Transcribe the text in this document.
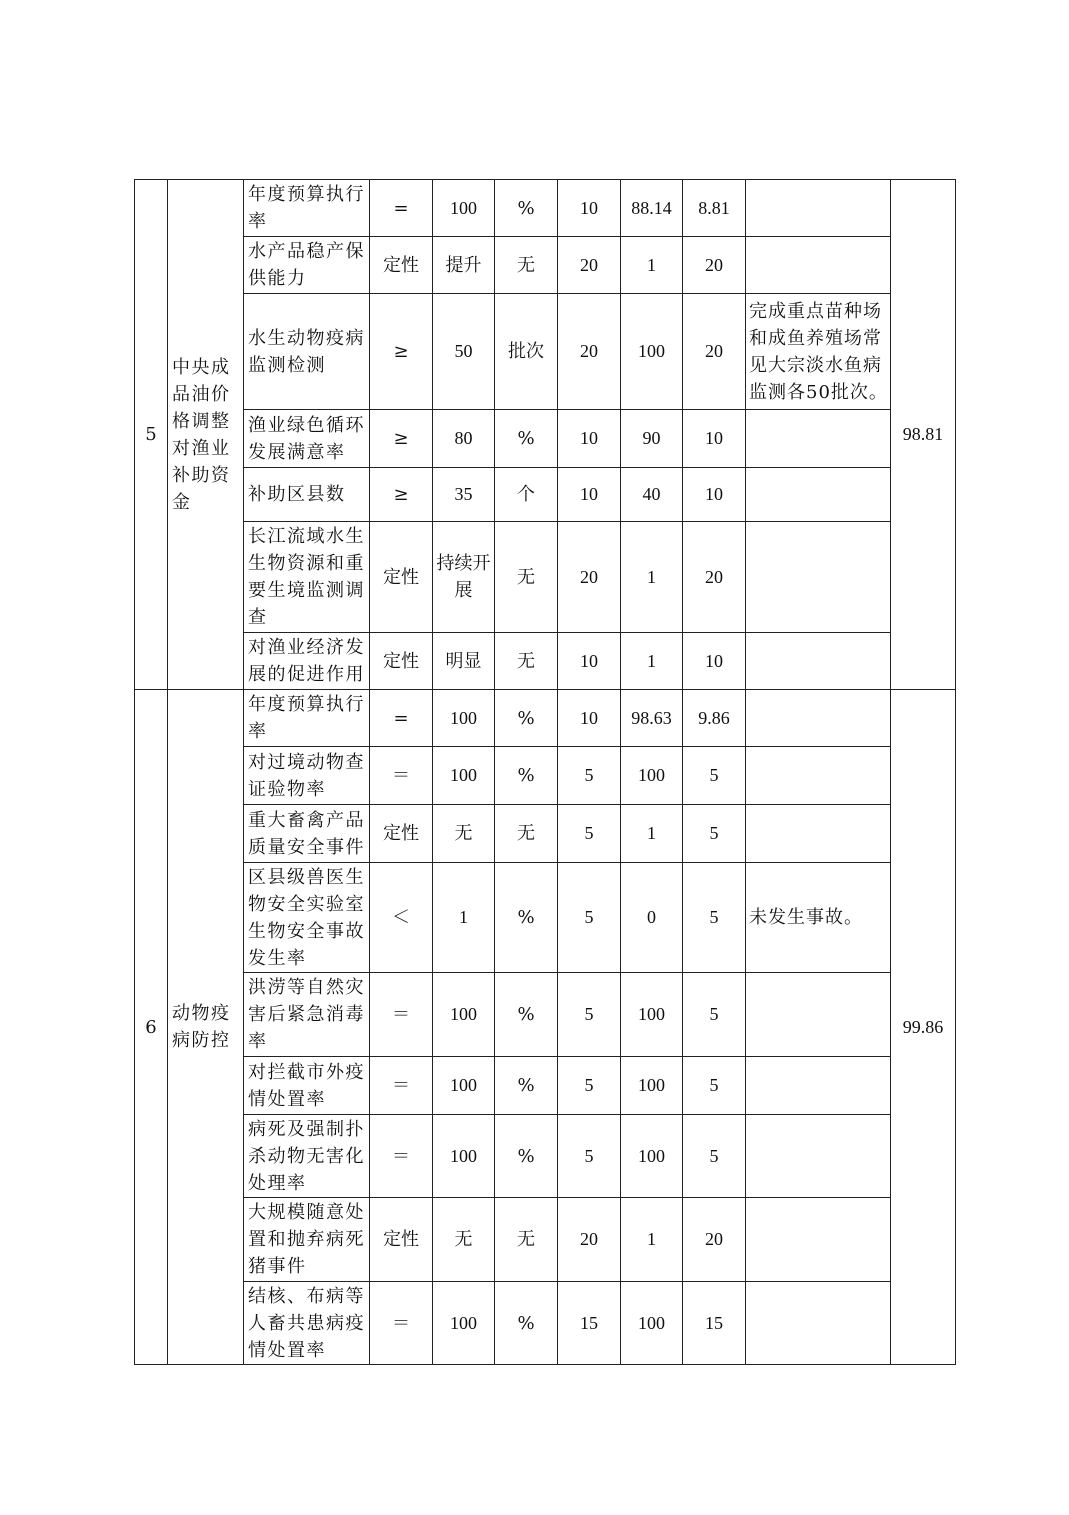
5	中央成品油价格调整对渔业补助资金	年度预算执行率	=	100	%	10	88.14	8.81		98.81
		水产品稳产保供能力	定性	提升	无	20	1	20		
		水生动物疫病监测检测	≥	50	批次	20	100	20	完成重点苗种场和成鱼养殖场常见大宗淡水鱼病监测各50批次。	
		渔业绿色循环发展满意率	≥	80	%	10	90	10		
		补助区县数	≥	35	个	10	40	10		
		长江流域水生生物资源和重要生境监测调查	定性	持续开展	无	20	1	20		
		对渔业经济发展的促进作用	定性	明显	无	10	1	10		
6	动物疫病防控	年度预算执行率	=	100	%	10	98.63	9.86		99.86
		对过境动物查证验物率	＝	100	%	5	100	5		
		重大畜禽产品质量安全事件	定性	无	无	5	1	5		
		区县级兽医生物安全实验室生物安全事故发生率	＜	1	%	5	0	5	未发生事故。	
		洪涝等自然灾害后紧急消毒率	＝	100	%	5	100	5		
		对拦截市外疫情处置率	＝	100	%	5	100	5		
		病死及强制扑杀动物无害化处理率	＝	100	%	5	100	5		
		大规模随意处置和抛弃病死猪事件	定性	无	无	20	1	20		
		结核、布病等人畜共患病疫情处置率	＝	100	%	15	100	15		
